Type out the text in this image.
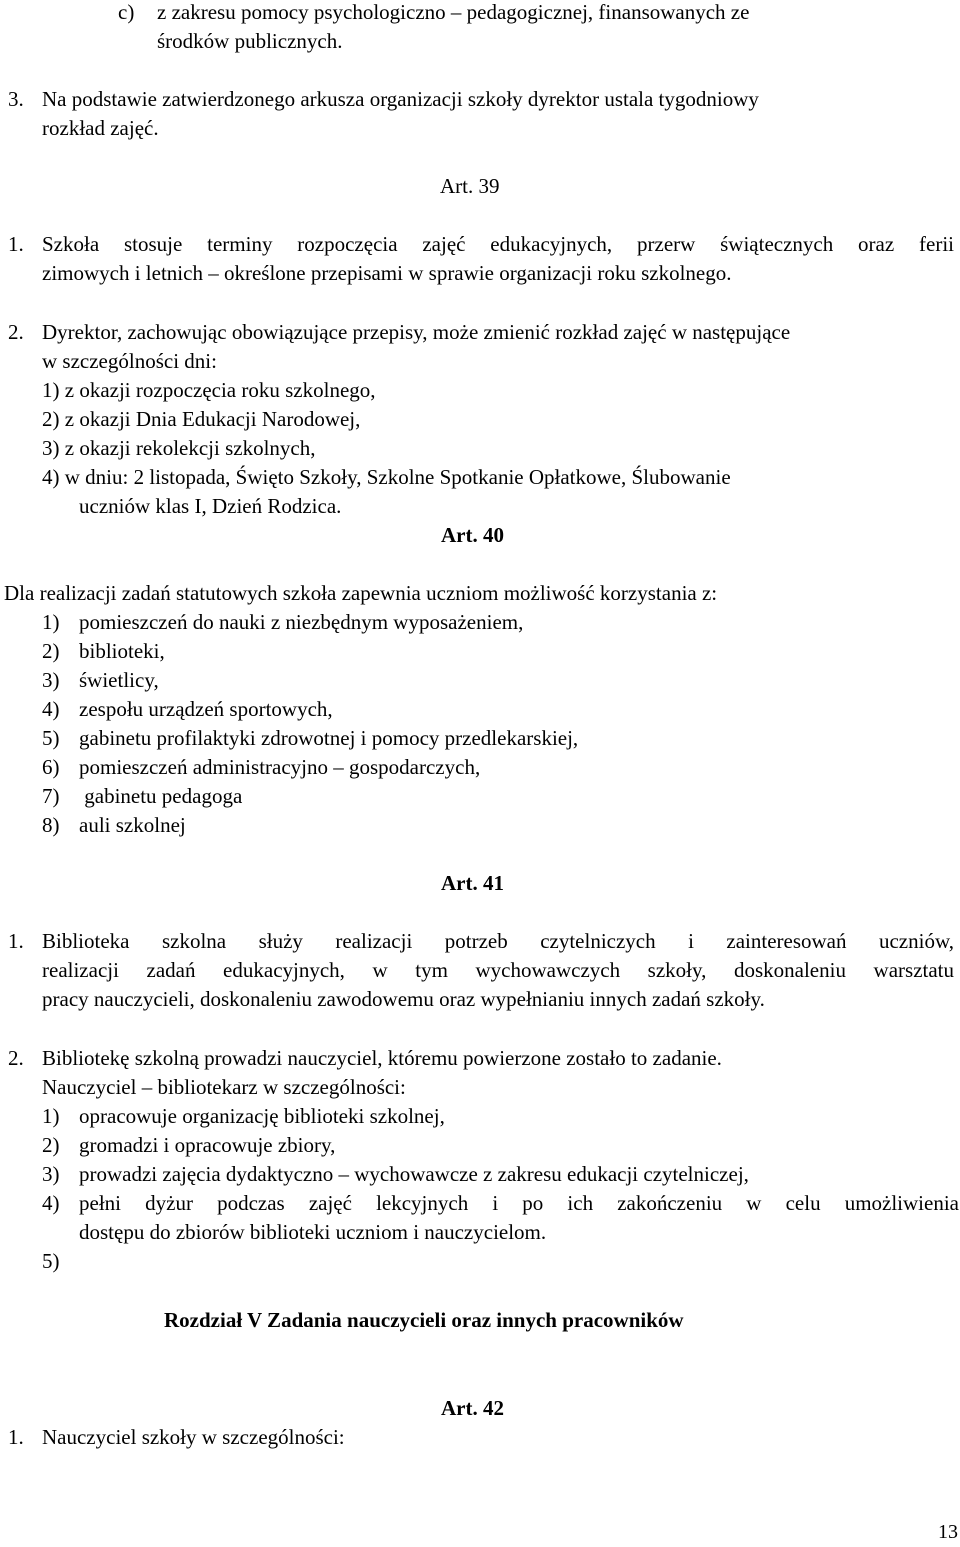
c) z zakresu pomocy psychologiczno – pedagogicznej, finansowanych ze
środków publicznych.
3. Na podstawie zatwierdzonego arkusza organizacji szkoły dyrektor ustala tygodniowy
rozkład zajęć.
Art. 39
1. Szkoła stosuje terminy rozpoczęcia zajęć edukacyjnych, przerw świątecznych oraz ferii
zimowych i letnich – określone przepisami w sprawie organizacji roku szkolnego.
2. Dyrektor, zachowując obowiązujące przepisy, może zmienić rozkład zajęć w następujące
w szczególności dni:
1) z okazji rozpoczęcia roku szkolnego,
2) z okazji Dnia Edukacji Narodowej,
3) z okazji rekolekcji szkolnych,
4) w dniu: 2 listopada, Święto Szkoły, Szkolne Spotkanie Opłatkowe, Ślubowanie
uczniów klas I, Dzień Rodzica.
Art. 40
Dla realizacji zadań statutowych szkoła zapewnia uczniom możliwość korzystania z:
1) pomieszczeń do nauki z niezbędnym wyposażeniem,
2) biblioteki,
3) świetlicy,
4) zespołu urządzeń sportowych,
5) gabinetu profilaktyki zdrowotnej i pomocy przedlekarskiej,
6) pomieszczeń administracyjno – gospodarczych,
7) gabinetu pedagoga
8) auli szkolnej
Art. 41
1. Biblioteka szkolna służy realizacji potrzeb czytelniczych i zainteresowań uczniów,
realizacji zadań edukacyjnych, w tym wychowawczych szkoły, doskonaleniu warsztatu
pracy nauczycieli, doskonaleniu zawodowemu oraz wypełnianiu innych zadań szkoły.
2. Bibliotekę szkolną prowadzi nauczyciel, któremu powierzone zostało to zadanie.
Nauczyciel – bibliotekarz w szczególności:
1) opracowuje organizację biblioteki szkolnej,
2) gromadzi i opracowuje zbiory,
3) prowadzi zajęcia dydaktyczno – wychowawcze z zakresu edukacji czytelniczej,
4) pełni dyżur podczas zajęć lekcyjnych i po ich zakończeniu w celu umożliwienia
dostępu do zbiorów biblioteki uczniom i nauczycielom.
5)
Rozdział V Zadania nauczycieli oraz innych pracowników
Art. 42
1. Nauczyciel szkoły w szczególności:
13
